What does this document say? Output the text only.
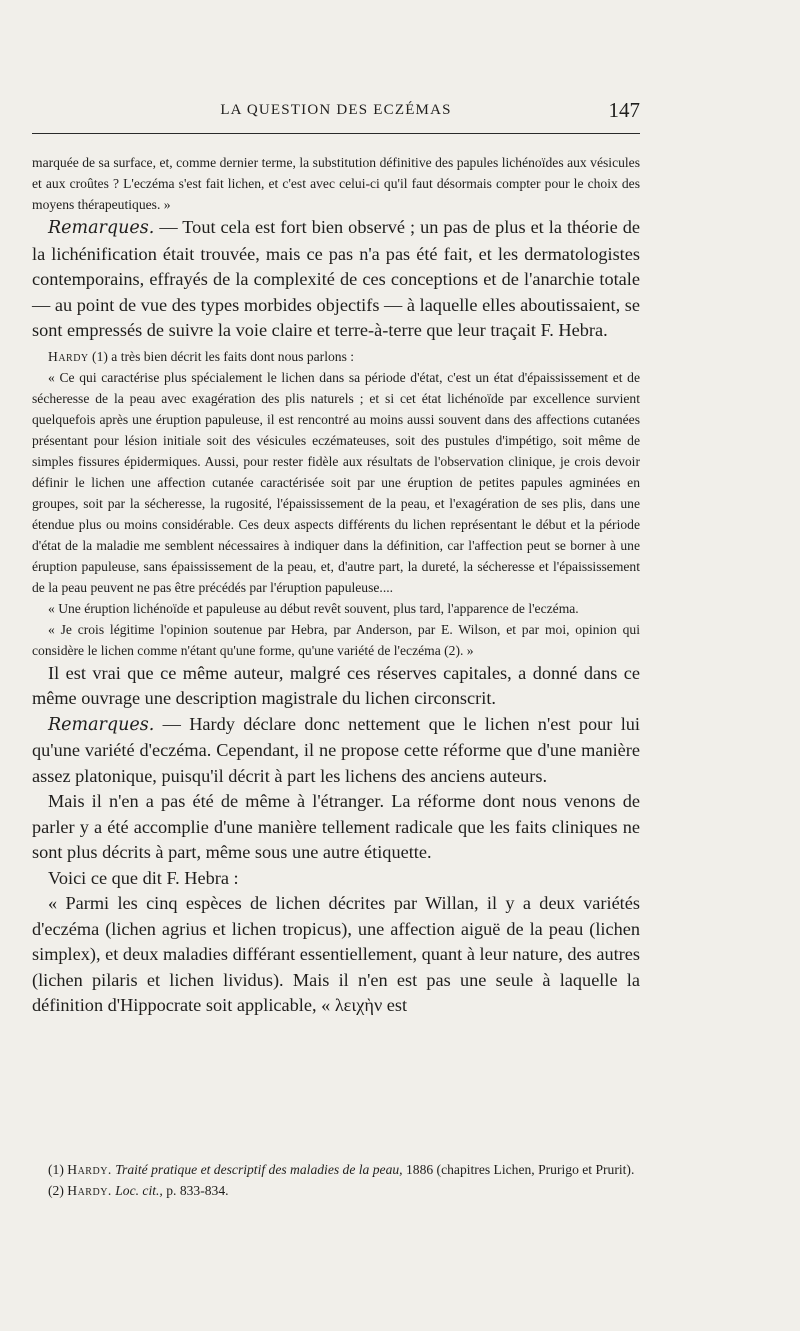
LA QUESTION DES ECZÉMAS	147

marquée de sa surface, et, comme dernier terme, la substitution définitive des papules lichénoïdes aux vésicules et aux croûtes ? L'eczéma s'est fait lichen, et c'est avec celui-ci qu'il faut désormais compter pour le choix des moyens thérapeutiques. »

Remarques. — Tout cela est fort bien observé ; un pas de plus et la théorie de la lichénification était trouvée, mais ce pas n'a pas été fait, et les dermatologistes contemporains, effrayés de la complexité de ces conceptions et de l'anarchie totale — au point de vue des types morbides objectifs — à laquelle elles aboutissaient, se sont empressés de suivre la voie claire et terre-à-terre que leur traçait F. Hebra.

Hardy (1) a très bien décrit les faits dont nous parlons :

« Ce qui caractérise plus spécialement le lichen dans sa période d'état, c'est un état d'épaississement et de sécheresse de la peau avec exagération des plis naturels ; et si cet état lichénoïde par excellence survient quelquefois après une éruption papuleuse, il est rencontré au moins aussi souvent dans des affections cutanées présentant pour lésion initiale soit des vésicules eczémateuses, soit des pustules d'impétigo, soit même de simples fissures épidermiques. Aussi, pour rester fidèle aux résultats de l'observation clinique, je crois devoir définir le lichen une affection cutanée caractérisée soit par une éruption de petites papules agminées en groupes, soit par la sécheresse, la rugosité, l'épaississement de la peau, et l'exagération de ses plis, dans une étendue plus ou moins considérable. Ces deux aspects différents du lichen représentant le début et la période d'état de la maladie me semblent nécessaires à indiquer dans la définition, car l'affection peut se borner à une éruption papuleuse, sans épaississement de la peau, et, d'autre part, la dureté, la sécheresse et l'épaississement de la peau peuvent ne pas être précédés par l'éruption papuleuse....

« Une éruption lichénoïde et papuleuse au début revêt souvent, plus tard, l'apparence de l'eczéma.

« Je crois légitime l'opinion soutenue par Hebra, par Anderson, par E. Wilson, et par moi, opinion qui considère le lichen comme n'étant qu'une forme, qu'une variété de l'eczéma (2). »

Il est vrai que ce même auteur, malgré ces réserves capitales, a donné dans ce même ouvrage une description magistrale du lichen circonscrit.

Remarques. — Hardy déclare donc nettement que le lichen n'est pour lui qu'une variété d'eczéma. Cependant, il ne propose cette réforme que d'une manière assez platonique, puisqu'il décrit à part les lichens des anciens auteurs.

Mais il n'en a pas été de même à l'étranger. La réforme dont nous venons de parler y a été accomplie d'une manière tellement radicale que les faits cliniques ne sont plus décrits à part, même sous une autre étiquette.

Voici ce que dit F. Hebra :

« Parmi les cinq espèces de lichen décrites par Willan, il y a deux variétés d'eczéma (lichen agrius et lichen tropicus), une affection aiguë de la peau (lichen simplex), et deux maladies différant essentiellement, quant à leur nature, des autres (lichen pilaris et lichen lividus). Mais il n'en est pas une seule à laquelle la définition d'Hippocrate soit applicable, « λειχὴν est

(1) Hardy. Traité pratique et descriptif des maladies de la peau, 1886 (chapitres Lichen, Prurigo et Prurit).

(2) Hardy. Loc. cit., p. 833-834.
